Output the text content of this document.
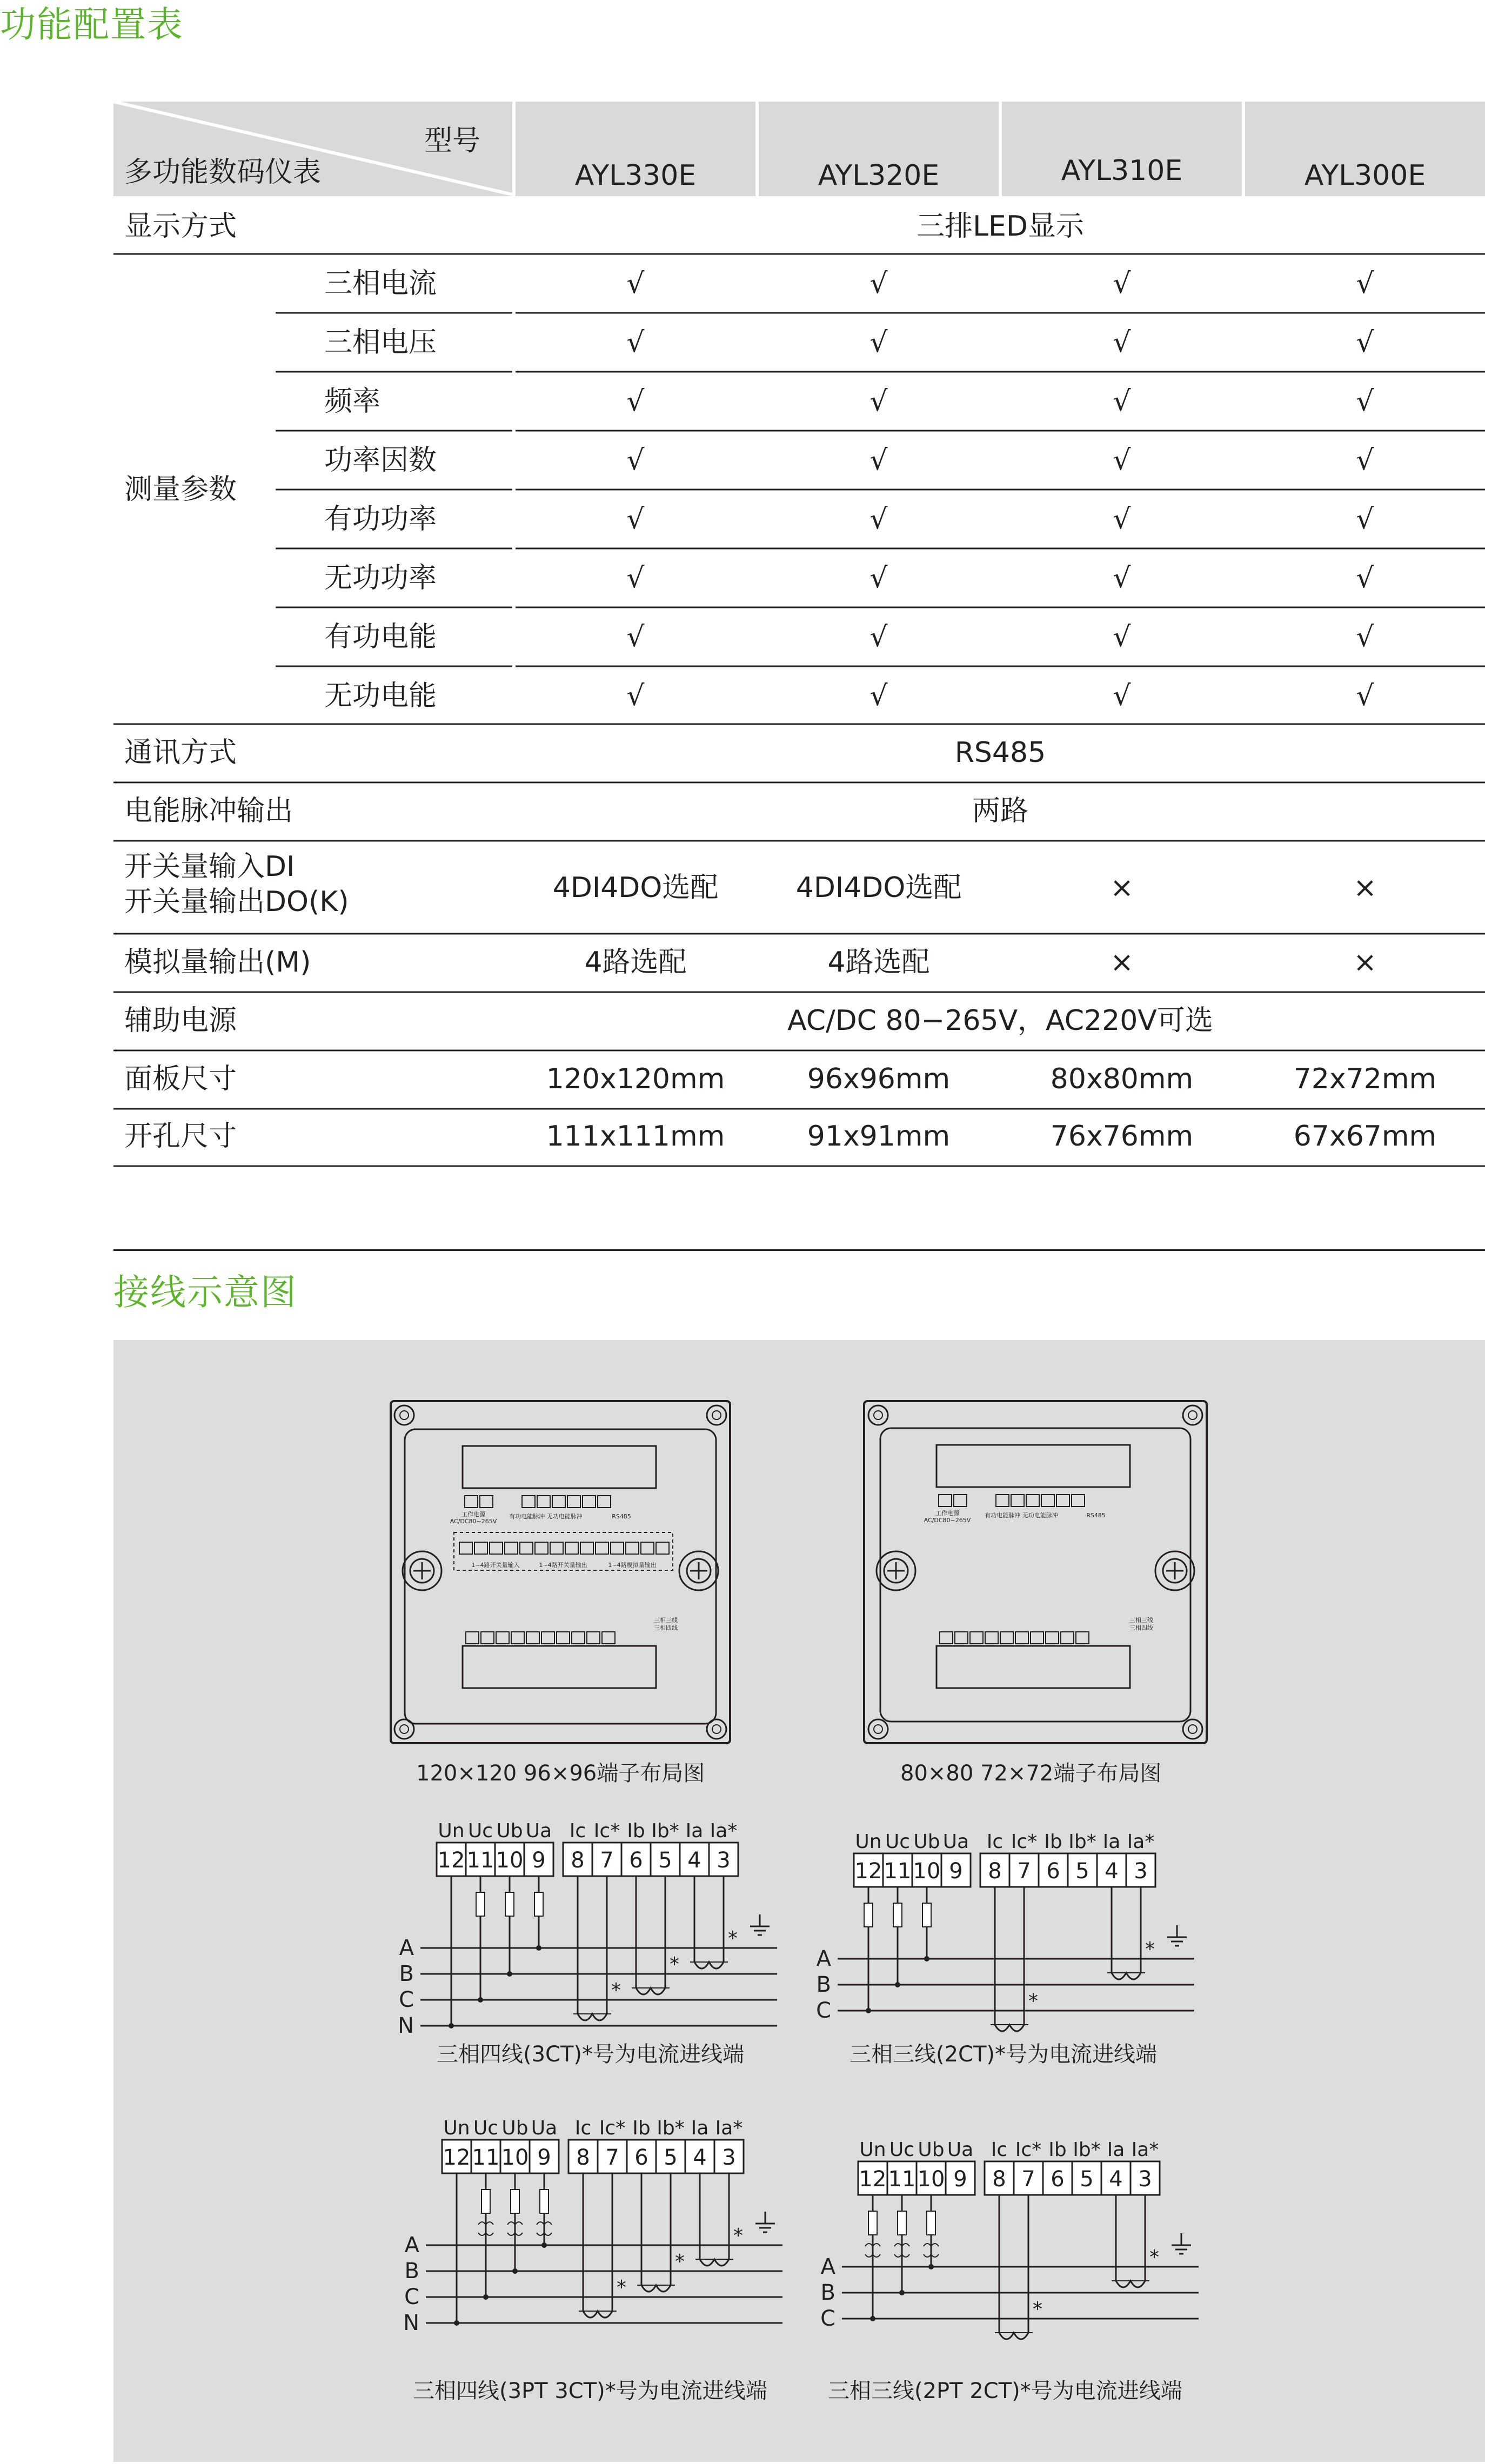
功能配置表
型号
多功能数码仪表	AYL330E	AYL320E	AYL310E	AYL300E
显示方式	三排LED显示
测量参数
三相电流	√	√	√	√
三相电压	√	√	√	√
频率	√	√	√	√
功率因数	√	√	√	√
有功功率	√	√	√	√
无功功率	√	√	√	√
有功电能	√	√	√	√
无功电能	√	√	√	√
通讯方式	RS485
电能脉冲输出	两路
开关量输入DI
开关量输出DO(K)	4DI4DO选配	4DI4DO选配	×	×
模拟量输出(M)	4路选配	4路选配	×	×
辅助电源	AC/DC 80−265V，AC220V可选
面板尺寸	120x120mm	96x96mm	80x80mm	72x72mm
开孔尺寸	111x111mm	91x91mm	76x76mm	67x67mm
接线示意图
工作电源
AC/DC80~265V
有功电能脉冲 无功电能脉冲	RS485
1~4路开关量输入	1~4路开关量输出	1~4路模拟量输出
三相三线
三相四线
120×120 96×96端子布局图
工作电源
AC/DC80~265V
有功电能脉冲 无功电能脉冲	RS485
三相三线
三相四线
80×80 72×72端子布局图
Un
12
Uc
11
Ub
10
Ua
9
Ic
8
Ic*
7
Ib
6
Ib*
5
Ia
4
Ia*
3
A
B
C
N
*
*
*
Un
12
Uc
11
Ub
10
Ua
9
Ic
8
Ic*
7
Ib
6
Ib*
5
Ia
4
Ia*
3
A
B
C	*
*
Un
12
Uc
11
Ub
10
Ua
9
Ic
8
Ic*
7
Ib
6
Ib*
5
Ia
4
Ia*
3
A
B
C
N
*
*
*
Un
12
Uc
11
Ub
10
Ua
9
Ic
8
Ic*
7
Ib
6
Ib*
5
Ia
4
Ia*
3
A
B
C	*
*
三相四线(3CT)*号为电流进线端	三相三线(2CT)*号为电流进线端
三相四线(3PT 3CT)*号为电流进线端	三相三线(2PT 2CT)*号为电流进线端
